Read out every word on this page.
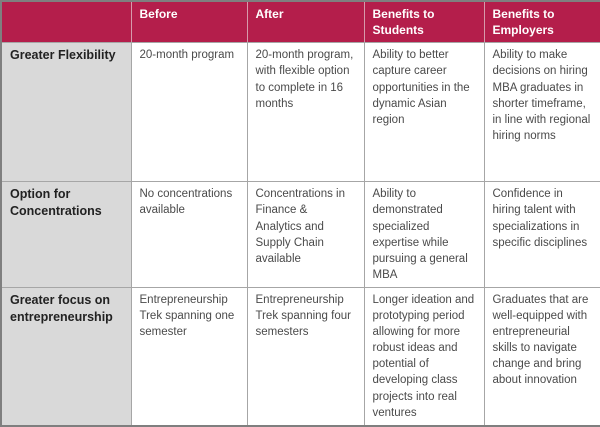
	Before	After	Benefits to Students	Benefits to Employers
Greater Flexibility	20-month program	20-month program, with flexible option to complete in 16 months	Ability to better capture career opportunities in the dynamic Asian region	Ability to make decisions on hiring MBA graduates in shorter timeframe, in line with regional hiring norms
Option for Concentrations	No concentrations available	Concentrations in Finance & Analytics and Supply Chain available	Ability to demonstrated specialized expertise while pursuing a general MBA	Confidence in hiring talent with specializations in specific disciplines
Greater focus on entrepreneurship	Entrepreneurship Trek spanning one semester	Entrepreneurship Trek spanning four semesters	Longer ideation and prototyping period allowing for more robust ideas and potential of developing class projects into real ventures	Graduates that are well-equipped with entrepreneurial skills to navigate change and bring about innovation
